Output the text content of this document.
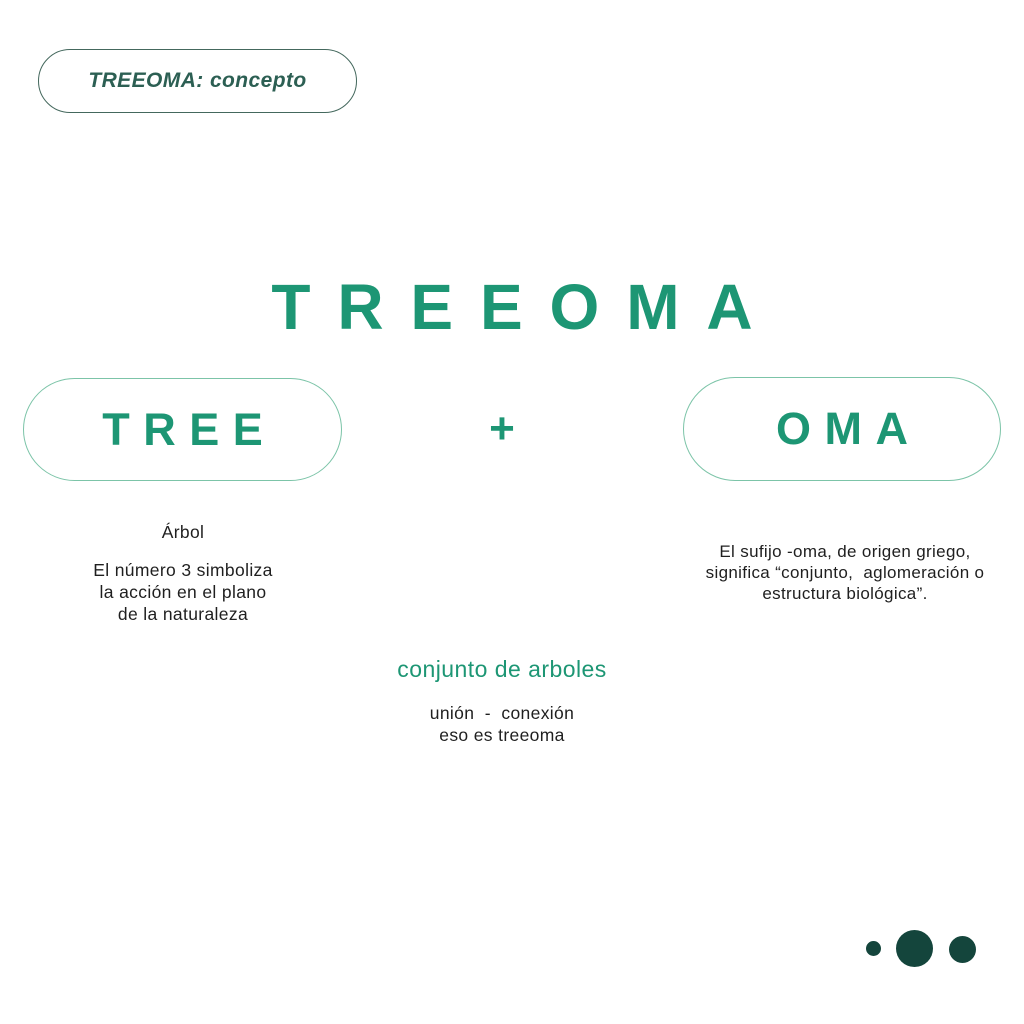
TREEOMA: concepto
TREEOMA
TREE	+	OMA
Árbol
El número 3 simboliza
la acción en el plano
de la naturaleza
El sufijo -oma, de origen griego,
significa “conjunto,  aglomeración o
estructura biológica”.
conjunto de arboles
unión  -  conexión
eso es treeoma
